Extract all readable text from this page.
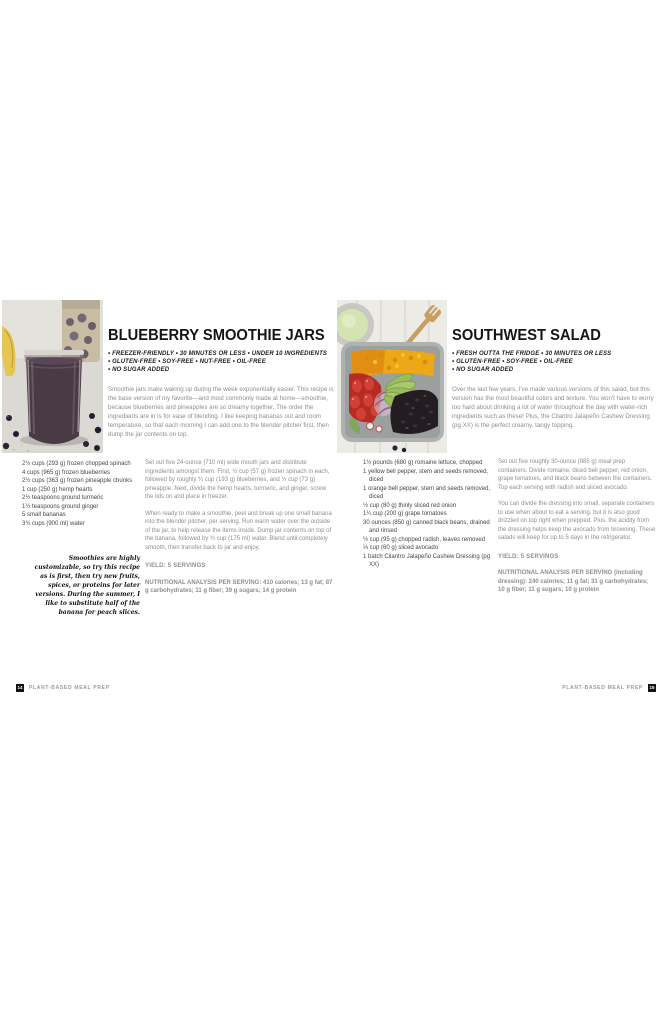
BLUEBERRY SMOOTHIE JARS
• FREEZER-FRIENDLY • 30 MINUTES OR LESS • UNDER 10 INGREDIENTS
• GLUTEN-FREE • SOY-FREE • NUT-FREE • OIL-FREE
• NO SUGAR ADDED

Smoothie jars make waking up during the week exponentially easier. This recipe is the base version of my favorite—and most commonly made at home—smoothie, because blueberries and pineapples are so dreamy together. The order the ingredients are in is for ease of blending. I like keeping bananas out and room temperature, so that each morning I can add one to the blender pitcher first, then dump the jar contents on top.

2½ cups (293 g) frozen chopped spinach
4 cups (965 g) frozen blueberries
2½ cups (363 g) frozen pineapple chunks
1 cup (250 g) hemp hearts
2½ teaspoons ground turmeric
1½ teaspoons ground ginger
5 small bananas
3¾ cups (900 ml) water

Set out five 24-ounce (710 ml) wide mouth jars and distribute ingredients amongst them. First, ½ cup (57 g) frozen spinach in each, followed by roughly ¾ cup (193 g) blueberries, and ½ cup (73 g) pineapple. Next, divide the hemp hearts, turmeric, and ginger, screw the lids on and place in freezer.

When ready to make a smoothie, peel and break up one small banana into the blender pitcher, per serving. Run warm water over the outside of the jar, to help release the items inside. Dump jar contents on top of the banana, followed by ¾ cup (175 ml) water. Blend until completely smooth, then transfer back to jar and enjoy.

YIELD: 5 SERVINGS

NUTRITIONAL ANALYSIS PER SERVING: 410 calories; 13 g fat; 87 g carbohydrates; 11 g fiber; 39 g sugars; 14 g protein

Smoothies are highly customizable, so try this recipe as is first, then try new fruits, spices, or proteins for later versions. During the summer, I like to substitute half of the banana for peach slices.

14	PLANT-BASED MEAL PREP
SOUTHWEST SALAD
• FRESH OUTTA THE FRIDGE • 30 MINUTES OR LESS
• GLUTEN-FREE • SOY-FREE • OIL-FREE
• NO SUGAR ADDED

Over the last few years, I've made various versions of this salad, but this version has the most beautiful colors and texture. You won't have to worry too hard about drinking a lot of water throughout the day with water-rich ingredients such as these! Plus, the Cilantro Jalapeño Cashew Dressing (pg XX) is the perfect creamy, tangy topping.

1½ pounds (680 g) romaine lettuce, chopped
1 yellow bell pepper, stem and seeds removed, diced
1 orange bell pepper, stem and seeds removed, diced
½ cup (80 g) thinly sliced red onion
1¼ cup (200 g) grape tomatoes
30 ounces (850 g) canned black beans, drained and rinsed
½ cup (95 g) chopped radish, leaves removed
⅓ cup (60 g) sliced avocado
1 batch Cilantro Jalapeño Cashew Dressing (pg XX)

Set out five roughly 30-ounce (885 g) meal prep containers. Divide romaine, diced bell pepper, red onion, grape tomatoes, and black beans between the containers. Top each serving with radish and sliced avocado.

You can divide the dressing into small, separate containers to use when about to eat a serving, but it is also good drizzled on top right when prepped. Plus, the acidity from the dressing helps keep the avocado from browning. These salads will keep for up to 5 days in the refrigerator.

YIELD: 5 SERVINGS

NUTRITIONAL ANALYSIS PER SERVING (including dressing): 240 calories; 11 g fat; 31 g carbohydrates; 10 g fiber; 11 g sugars; 10 g protein

PLANT-BASED MEAL PREP	15
